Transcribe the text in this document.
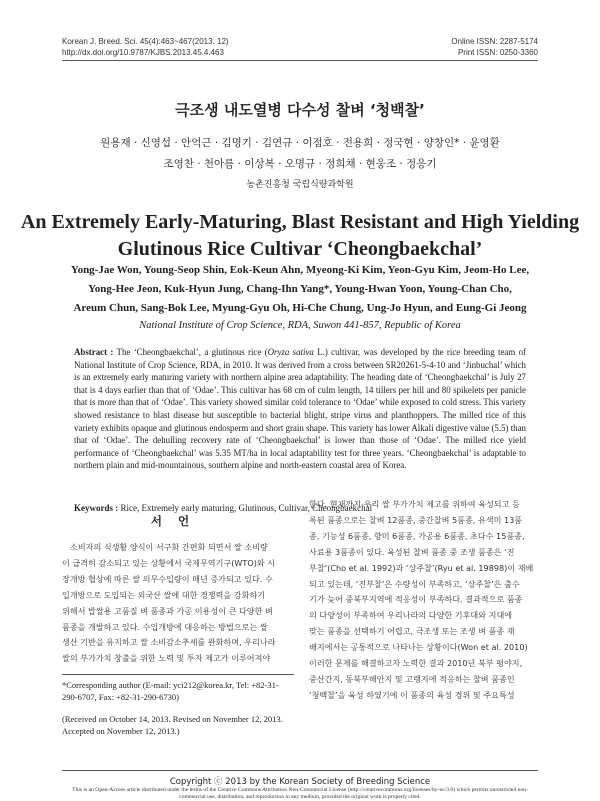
Korean J. Breed. Sci. 45(4):463~467(2013. 12)
http://dx.doi.org/10.9787/KJBS.2013.45.4.463
Online ISSN: 2287-5174
Print ISSN: 0250-3360
극조생 내도열병 다수성 찰벼 ‘청백찰’
원용재 · 신영섭 · 안억근 · 김명기 · 김연규 · 이점호 · 전용희 · 정국현 · 양창인* · 윤영환
조영찬 · 천아름 · 이상복 · 오명규 · 정희채 · 현웅조 · 정응기
농촌진흥청 국립식량과학원
An Extremely Early-Maturing, Blast Resistant and High Yielding
Glutinous Rice Cultivar ‘Cheongbaekchal’
Yong-Jae Won, Young-Seop Shin, Eok-Keun Ahn, Myeong-Ki Kim, Yeon-Gyu Kim, Jeom-Ho Lee,
Yong-Hee Jeon, Kuk-Hyun Jung, Chang-Ihn Yang*, Young-Hwan Yoon, Young-Chan Cho,
Areum Chun, Sang-Bok Lee, Myung-Gyu Oh, Hi-Che Chung, Ung-Jo Hyun, and Eung-Gi Jeong
National Institute of Crop Science, RDA, Suwon 441-857, Republic of Korea
Abstract : The ‘Cheongbaekchal’, a glutinous rice (Oryza sativa L.) cultivar, was developed by the rice breeding team of National Institute of Crop Science, RDA, in 2010. It was derived from a cross between SR20261-5-4-10 and ‘Jinbuchal’ which is an extremely early maturing variety with northern alpine area adaptability. The heading date of ‘Cheongbaekchal’ is July 27 that is 4 days earlier than that of ‘Odae’. This cultivar has 68 cm of culm length, 14 tillers per hill and 80 spikelets per panicle that is more than that of ‘Odae’. This variety showed similar cold tolerance to ‘Odae’ while exposed to cold stress. This variety showed resistance to blast disease but susceptible to bacterial blight, stripe virus and planthoppers. The milled rice of this variety exhibits opaque and glutinous endosperm and short grain shape. This variety has lower Alkali digestive value (5.5) than that of ‘Odae’. The dehulling recovery rate of ‘Cheongbaekchal’ is lower than those of ‘Odae’. The milled rice yield performance of ‘Cheongbaekchal’ was 5.35 MT/ha in local adaptability test for three years. ‘Cheongbaekchal’ is adaptable to northern plain and mid-mountainous, southern alpine and north-eastern coastal area of Korea.
Keywords : Rice, Extremely early maturing, Glutinous, Cultivar, Cheongbaekchal
서 언
소비자의 식생활 양식이 서구화 간편화 되면서 쌀 소비량
이 급격히 감소되고 있는 상황에서 국제무역기구(WTO)와 시
장개방 협상에 따른 쌀 의무수입량이 매년 증가되고 있다. 수
입개방으로 도입되는 외국산 쌀에 대한 경쟁력을 강화하기
위해서 밥쌀용 고품질 벼 품종과 가공 이용성이 큰 다양한 벼
품종을 개발하고 있다. 수입개방에 대응하는 방법으로는 쌀
생산 기반을 유지하고 쌀 소비감소추세를 완화하며, 우리나라
쌀의 부가가치 창출을 위한 노력 및 투자 제고가 이루어져야
*Corresponding author (E-mail: yci212@korea.kr, Tel: +82-31-290-6707, Fax: +82-31-290-6730)
(Received on October 14, 2013. Revised on November 12, 2013. Accepted on November 12, 2013.)
한다. 현재까지 우리 쌀 부가가치 제고를 위하여 육성되고 등
록된 품종으로는 찰벼 12품종, 중간찰벼 5품종, 유색미 13품
종, 기능성 6품종, 향미 6품종, 가공용 6품종, 초다수 15품종,
사료용 3품종이 있다. 육성된 찰벼 품종 중 조생 품종은 ‘진
부찰’(Cho et al. 1992)과 ‘상주찰’(Ryu et al. 19898)이 재배
되고 있는데, ‘진부찰’은 수량성이 부족하고, ‘상주찰’은 출수
기가 늦어 중북부지역에 적응성이 부족하다. 결과적으로 품종
의 다양성이 부족하여 우리나라의 다양한 기후대와 지대에
맞는 품종을 선택하기 어렵고, 극조생 또는 조생 벼 품종 재
배지에서는 공통적으로 나타나는 상황이다(Won et al. 2010)
이러한 문제를 해결하고자 노력한 결과 2010년 북부 평야지,
중산간지, 동북부해안지 및 고랭지에 적응하는 찰벼 품종인
‘청백찰’을 육성 하였기에 이 품종의 육성 경위 및 주요특성
Copyright ⓒ 2013 by the Korean Society of Breeding Science
This is an Open-Access article distributed under the terms of the Creative Commons Attribution Non-Commercial License (http://creativecommons.org/licenses/by-nc/3.0) which permits unrestricted non-commercial use, distribution, and reproduction in any medium, provided the original work is properly cited.
